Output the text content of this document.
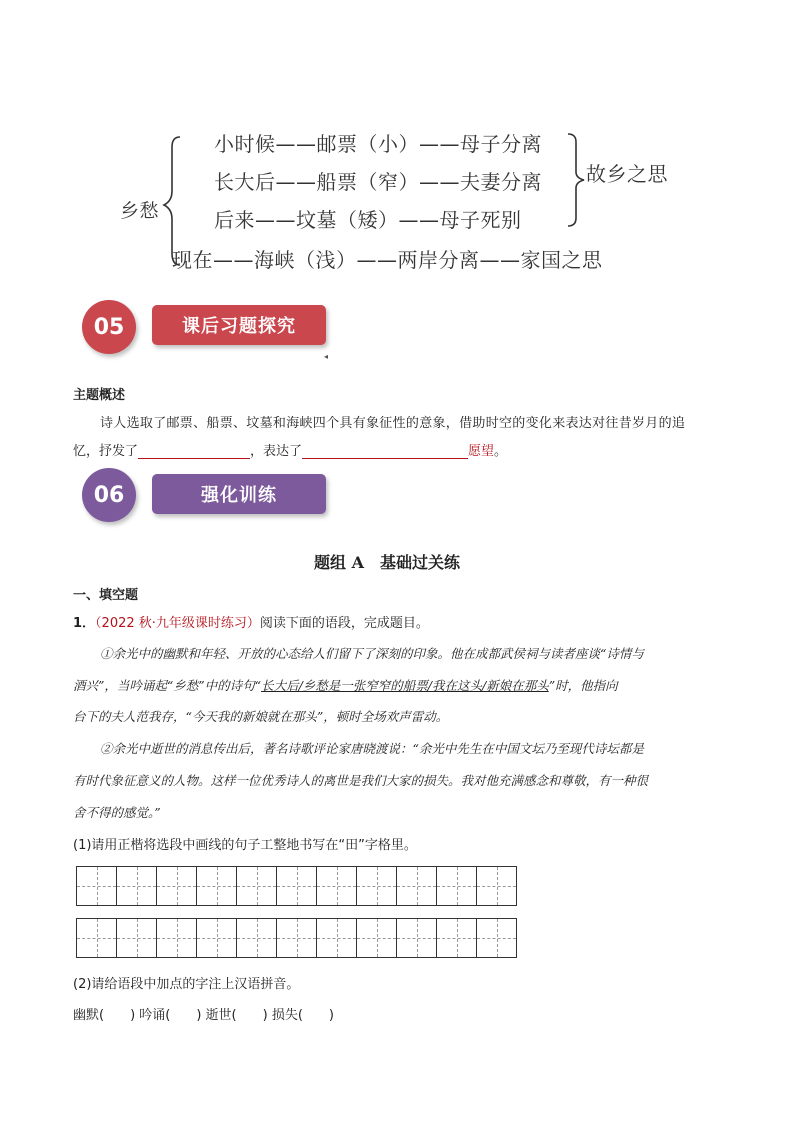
乡愁
小时候——邮票（小）——母子分离
长大后——船票（窄）——夫妻分离
后来——坟墓（矮）——母子死别
故乡之思
现在——海峡（浅）——两岸分离——家国之思
课后习题探究
05
◂
主题概述
诗人选取了邮票、船票、坟墓和海峡四个具有象征性的意象，借助时空的变化来表达对往昔岁月的追
忆，抒发了	，表达了	愿望。
强化训练
06
题组 A　基础过关练
一、填空题
1．（2022 秋·九年级课时练习）阅读下面的语段，完成题目。
①余光中的幽默和年轻、开放的心态给人们留下了深刻的印象。他在成都武侯祠与读者座谈“诗情与
酒兴”，当吟诵起“乡愁”中的诗句“长大后/乡愁是一张窄窄的船票/我在这头/新娘在那头”时，他指向
台下的夫人范我存，“今天我的新娘就在那头”，顿时全场欢声雷动。
②余光中逝世的消息传出后，著名诗歌评论家唐晓渡说：“余光中先生在中国文坛乃至现代诗坛都是
有时代象征意义的人物。这样一位优秀诗人的离世是我们大家的损失。我对他充满感念和尊敬，有一种很
舍不得的感觉。”
(1)请用正楷将选段中画线的句子工整地书写在“田”字格里。
(2)请给语段中加点的字注上汉语拼音。
幽默(　　) 吟诵(　　) 逝世(　　) 损失(　　)
